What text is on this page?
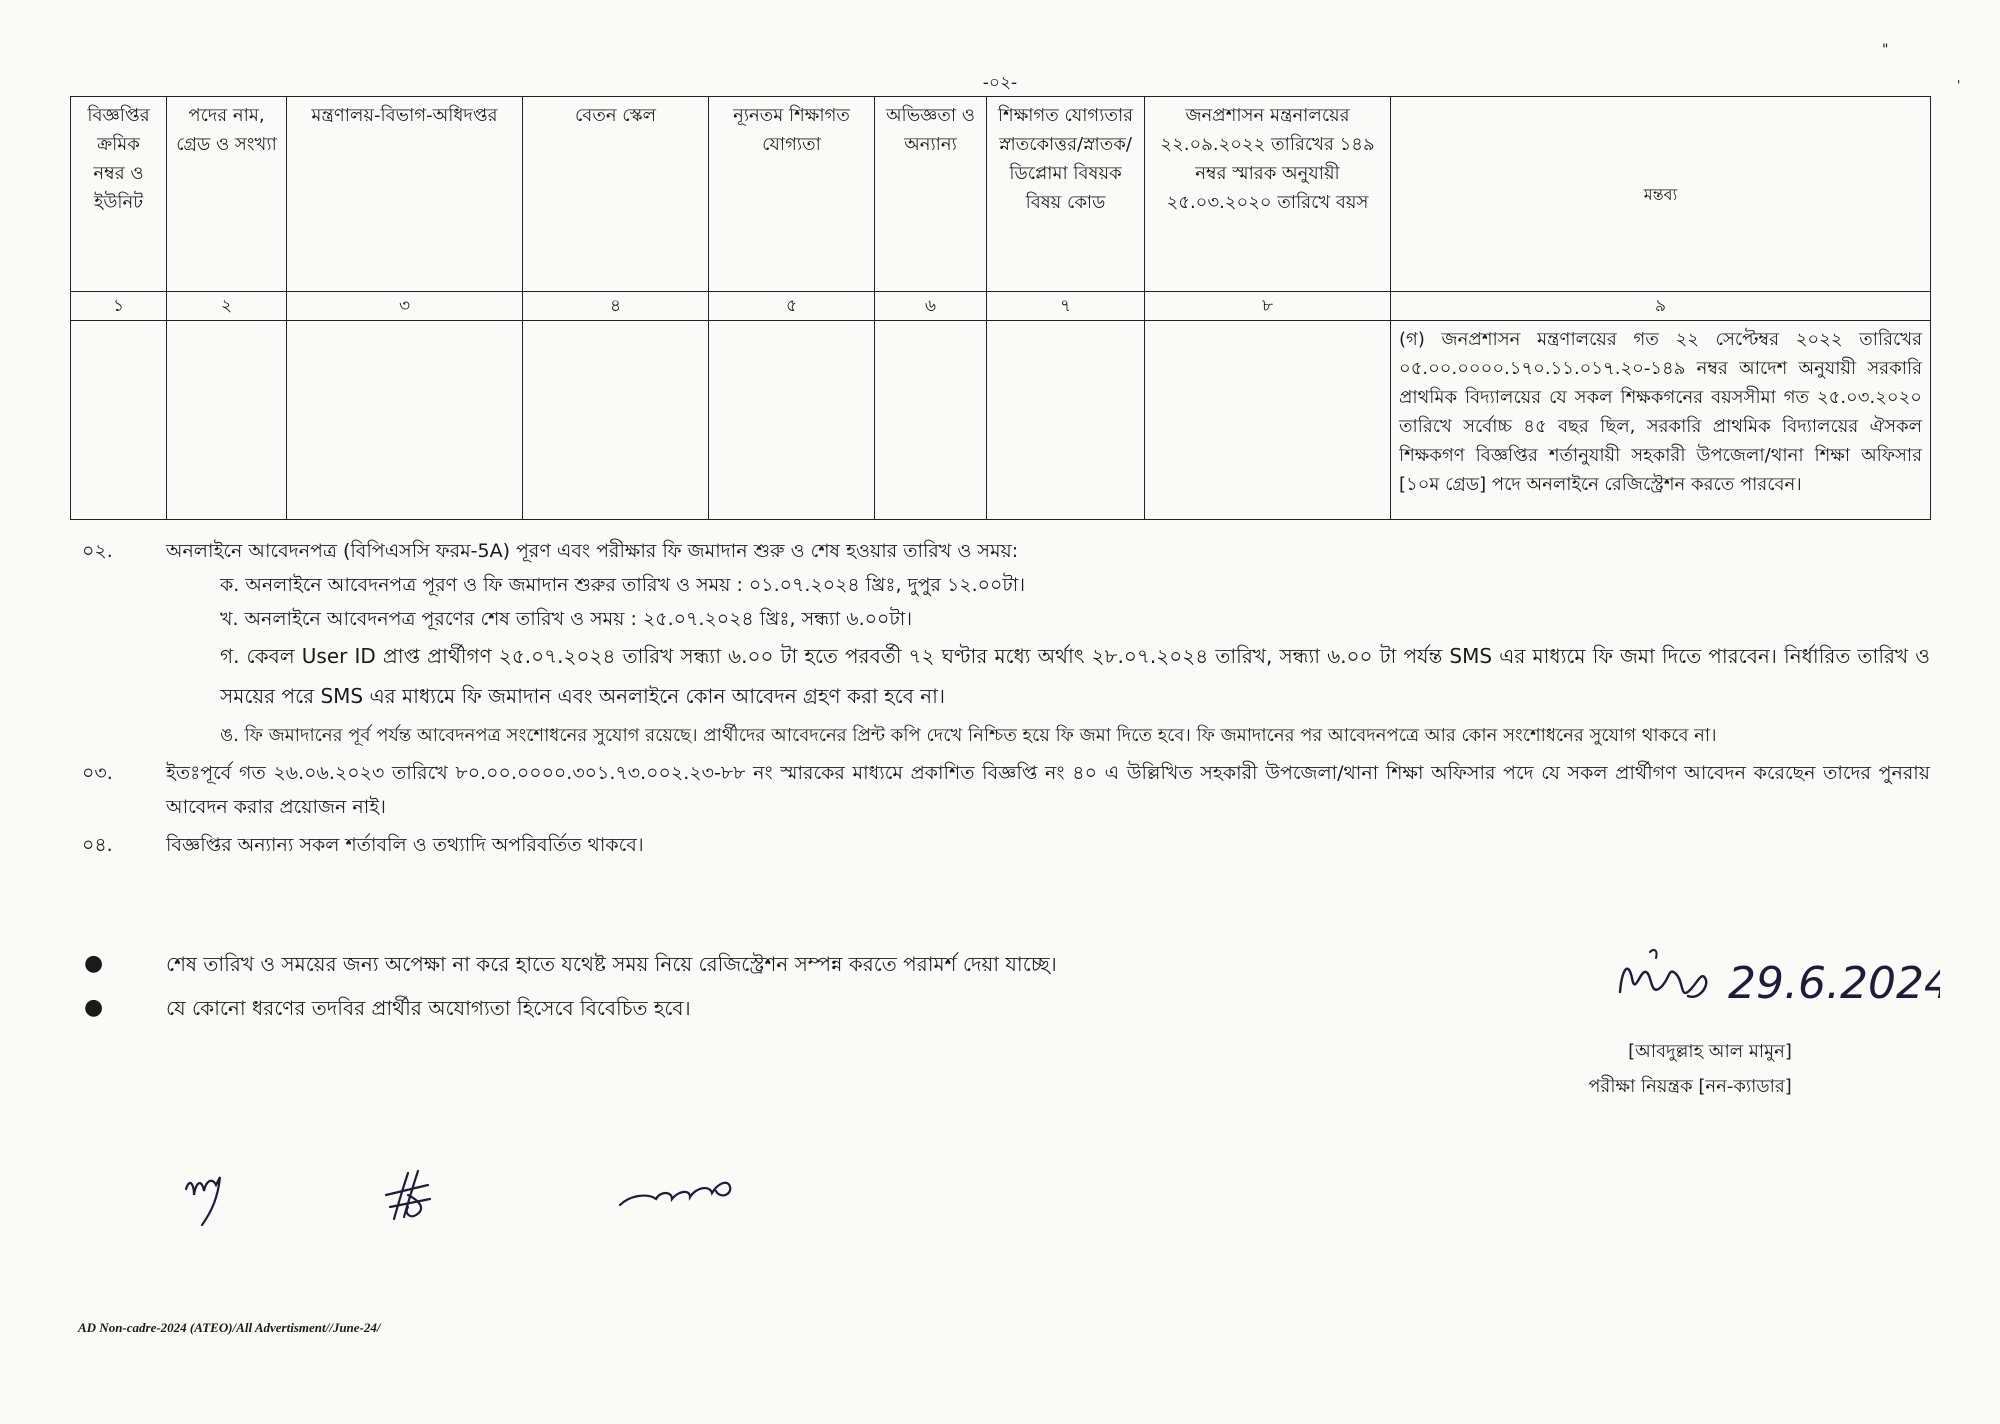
-০২-
"
'
বিজ্ঞপ্তির ক্রমিক নম্বর ও ইউনিট	পদের নাম, গ্রেড ও সংখ্যা	মন্ত্রণালয়-বিভাগ-অধিদপ্তর	বেতন স্কেল	ন্যূনতম শিক্ষাগত যোগ্যতা	অভিজ্ঞতা ও অন্যান্য	শিক্ষাগত যোগ্যতার স্নাতকোত্তর/স্নাতক/ডিপ্লোমা বিষয়ক বিষয় কোড	জনপ্রশাসন মন্ত্রনালয়ের ২২.০৯.২০২২ তারিখের ১৪৯ নম্বর স্মারক অনুযায়ী ২৫.০৩.২০২০ তারিখে বয়স	মন্তব্য
১	২	৩	৪	৫	৬	৭	৮	৯
								(গ) জনপ্রশাসন মন্ত্রণালয়ের গত ২২ সেপ্টেম্বর ২০২২ তারিখের ০৫.০০.০০০০.১৭০.১১.০১৭.২০-১৪৯ নম্বর আদেশ অনুযায়ী সরকারি প্রাথমিক বিদ্যালয়ের যে সকল শিক্ষকগনের বয়সসীমা গত ২৫.০৩.২০২০ তারিখে সর্বোচ্চ ৪৫ বছর ছিল, সরকারি প্রাথমিক বিদ্যালয়ের ঐসকল শিক্ষকগণ বিজ্ঞপ্তির শর্তানুযায়ী সহকারী উপজেলা/থানা শিক্ষা অফিসার [১০ম গ্রেড] পদে অনলাইনে রেজিস্ট্রেশন করতে পারবেন।
০২.	অনলাইনে আবেদনপত্র (বিপিএসসি ফরম-5A) পূরণ এবং পরীক্ষার ফি জমাদান শুরু ও শেষ হওয়ার তারিখ ও সময়:
ক. অনলাইনে আবেদনপত্র পূরণ ও ফি জমাদান শুরুর তারিখ ও সময় : ০১.০৭.২০২৪ খ্রিঃ, দুপুর ১২.০০টা।
খ. অনলাইনে আবেদনপত্র পূরণের শেষ তারিখ ও সময় : ২৫.০৭.২০২৪ খ্রিঃ, সন্ধ্যা ৬.০০টা।
গ. কেবল User ID প্রাপ্ত প্রার্থীগণ ২৫.০৭.২০২৪ তারিখ সন্ধ্যা ৬.০০ টা হতে পরবর্তী ৭২ ঘণ্টার মধ্যে অর্থাৎ ২৮.০৭.২০২৪ তারিখ, সন্ধ্যা ৬.০০ টা পর্যন্ত SMS এর মাধ্যমে ফি জমা দিতে পারবেন। নির্ধারিত তারিখ ও সময়ের পরে SMS এর মাধ্যমে ফি জমাদান এবং অনলাইনে কোন আবেদন গ্রহণ করা হবে না।
ঙ. ফি জমাদানের পূর্ব পর্যন্ত আবেদনপত্র সংশোধনের সুযোগ রয়েছে। প্রার্থীদের আবেদনের প্রিন্ট কপি দেখে নিশ্চিত হয়ে ফি জমা দিতে হবে। ফি জমাদানের পর আবেদনপত্রে আর কোন সংশোধনের সুযোগ থাকবে না।
০৩.	ইতঃপূর্বে গত ২৬.০৬.২০২৩ তারিখে ৮০.০০.০০০০.৩০১.৭৩.০০২.২৩-৮৮ নং স্মারকের মাধ্যমে প্রকাশিত বিজ্ঞপ্তি নং ৪০ এ উল্লিখিত সহকারী উপজেলা/থানা শিক্ষা অফিসার পদে যে সকল প্রার্থীগণ আবেদন করেছেন তাদের পুনরায় আবেদন করার প্রয়োজন নাই।
০৪.	বিজ্ঞপ্তির অন্যান্য সকল শর্তাবলি ও তথ্যাদি অপরিবর্তিত থাকবে।
●	শেষ তারিখ ও সময়ের জন্য অপেক্ষা না করে হাতে যথেষ্ট সময় নিয়ে রেজিস্ট্রেশন সম্পন্ন করতে পরামর্শ দেয়া যাচ্ছে।
●	যে কোনো ধরণের তদবির প্রার্থীর অযোগ্যতা হিসেবে বিবেচিত হবে।	29.6.2024
[আবদুল্লাহ আল মামুন]
পরীক্ষা নিয়ন্ত্রক [নন-ক্যাডার]
AD Non-cadre-2024 (ATEO)/All Advertisment//June-24/
